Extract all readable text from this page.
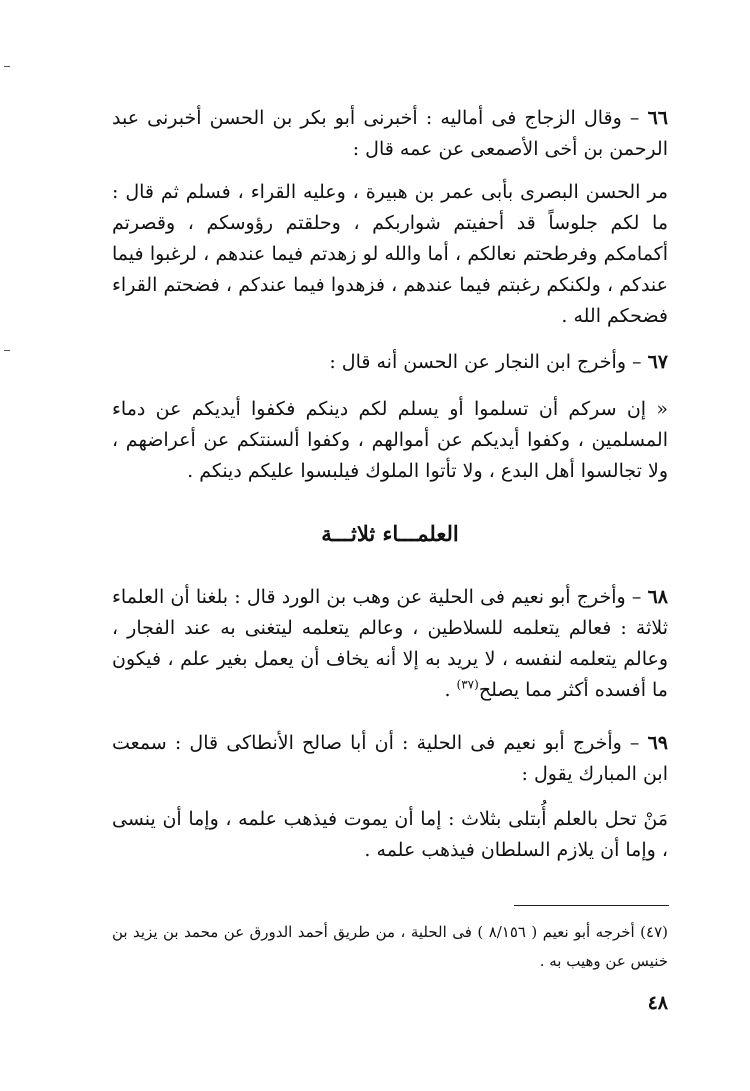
٦٦ – وقال الزجاج فى أماليه : أخبرنى أبو بكر بن الحسن أخبرنى عبد الرحمن بن أخى الأصمعى عن عمه قال :
مر الحسن البصرى بأبى عمر بن هبيرة ، وعليه القراء ، فسلم ثم قال : ما لكم جلوساً قد أحفيتم شواربكم ، وحلقتم رؤوسكم ، وقصرتم أكمامكم وفرطحتم نعالكم ، أما والله لو زهدتم فيما عندهم ، لرغبوا فيما عندكم ، ولكنكم رغبتم فيما عندهم ، فزهدوا فيما عندكم ، فضحتم القراء فضحكم الله .
٦٧ – وأخرج ابن النجار عن الحسن أنه قال :
« إن سركم أن تسلموا أو يسلم لكم دينكم فكفوا أيديكم عن دماء المسلمين ، وكفوا أيديكم عن أموالهم ، وكفوا ألسنتكم عن أعراضهم ، ولا تجالسوا أهل البدع ، ولا تأتوا الملوك فيلبسوا عليكم دينكم .
العلمـــاء ثلاثـــة
٦٨ – وأخرج أبو نعيم فى الحلية عن وهب بن الورد قال : بلغنا أن العلماء ثلاثة : فعالم يتعلمه للسلاطين ، وعالم يتعلمه ليتغنى به عند الفجار ، وعالم يتعلمه لنفسه ، لا يريد به إلا أنه يخاف أن يعمل بغير علم ، فيكون ما أفسده أكثر مما يصلح$^{(٣٧)}$ .
٦٩ – وأخرج أبو نعيم فى الحلية : أن أبا صالح الأنطاكى قال : سمعت ابن المبارك يقول :
مَنْ تحل بالعلم أُبتلى بثلاث : إما أن يموت فيذهب علمه ، وإما أن ينسى ، وإما أن يلازم السلطان فيذهب علمه .
(٤٧) أخرجه أبو نعيم ( ٨/١٥٦ ) فى الحلية ، من طريق أحمد الدورق عن محمد بن يزيد بن خنيس عن وهيب به .
٤٨
